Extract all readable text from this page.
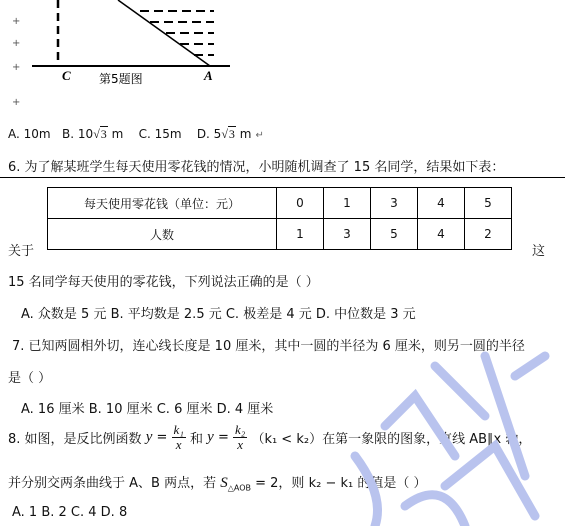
C	A
第5题图
+
+
+
+
A. 10m B. 10√3 m C. 15m D. 5√3 m ↵
6. 为了解某班学生每天使用零花钱的情况，小明随机调查了 15 名同学，结果如下表：
每天使用零花钱（单位：元）	0	1	3	4	5
人数	1	3	5	4	2
关于	这
15 名同学每天使用的零花钱，下列说法正确的是（ ）
A. 众数是 5 元 B. 平均数是 2.5 元 C. 极差是 4 元 D. 中位数是 3 元
7. 已知两圆相外切，连心线长度是 10 厘米，其中一圆的半径为 6 厘米，则另一圆的半径
是（ ）
A. 16 厘米 B. 10 厘米 C. 6 厘米 D. 4 厘米
8. 如图，是反比例函数 $y = \frac{\text{k₁}}{x}$ 和 $y = \frac{\text{k₂}}{x} (k_1 < k_2)$在第一象限的图象，直线 AB∥x 轴，
并分别交两条曲线于 A、B 两点，若 $S_{\triangle AOB} = 2$，则 k₂ − k₁ 的值是（ ）
A. 1 B. 2 C. 4 D. 8
